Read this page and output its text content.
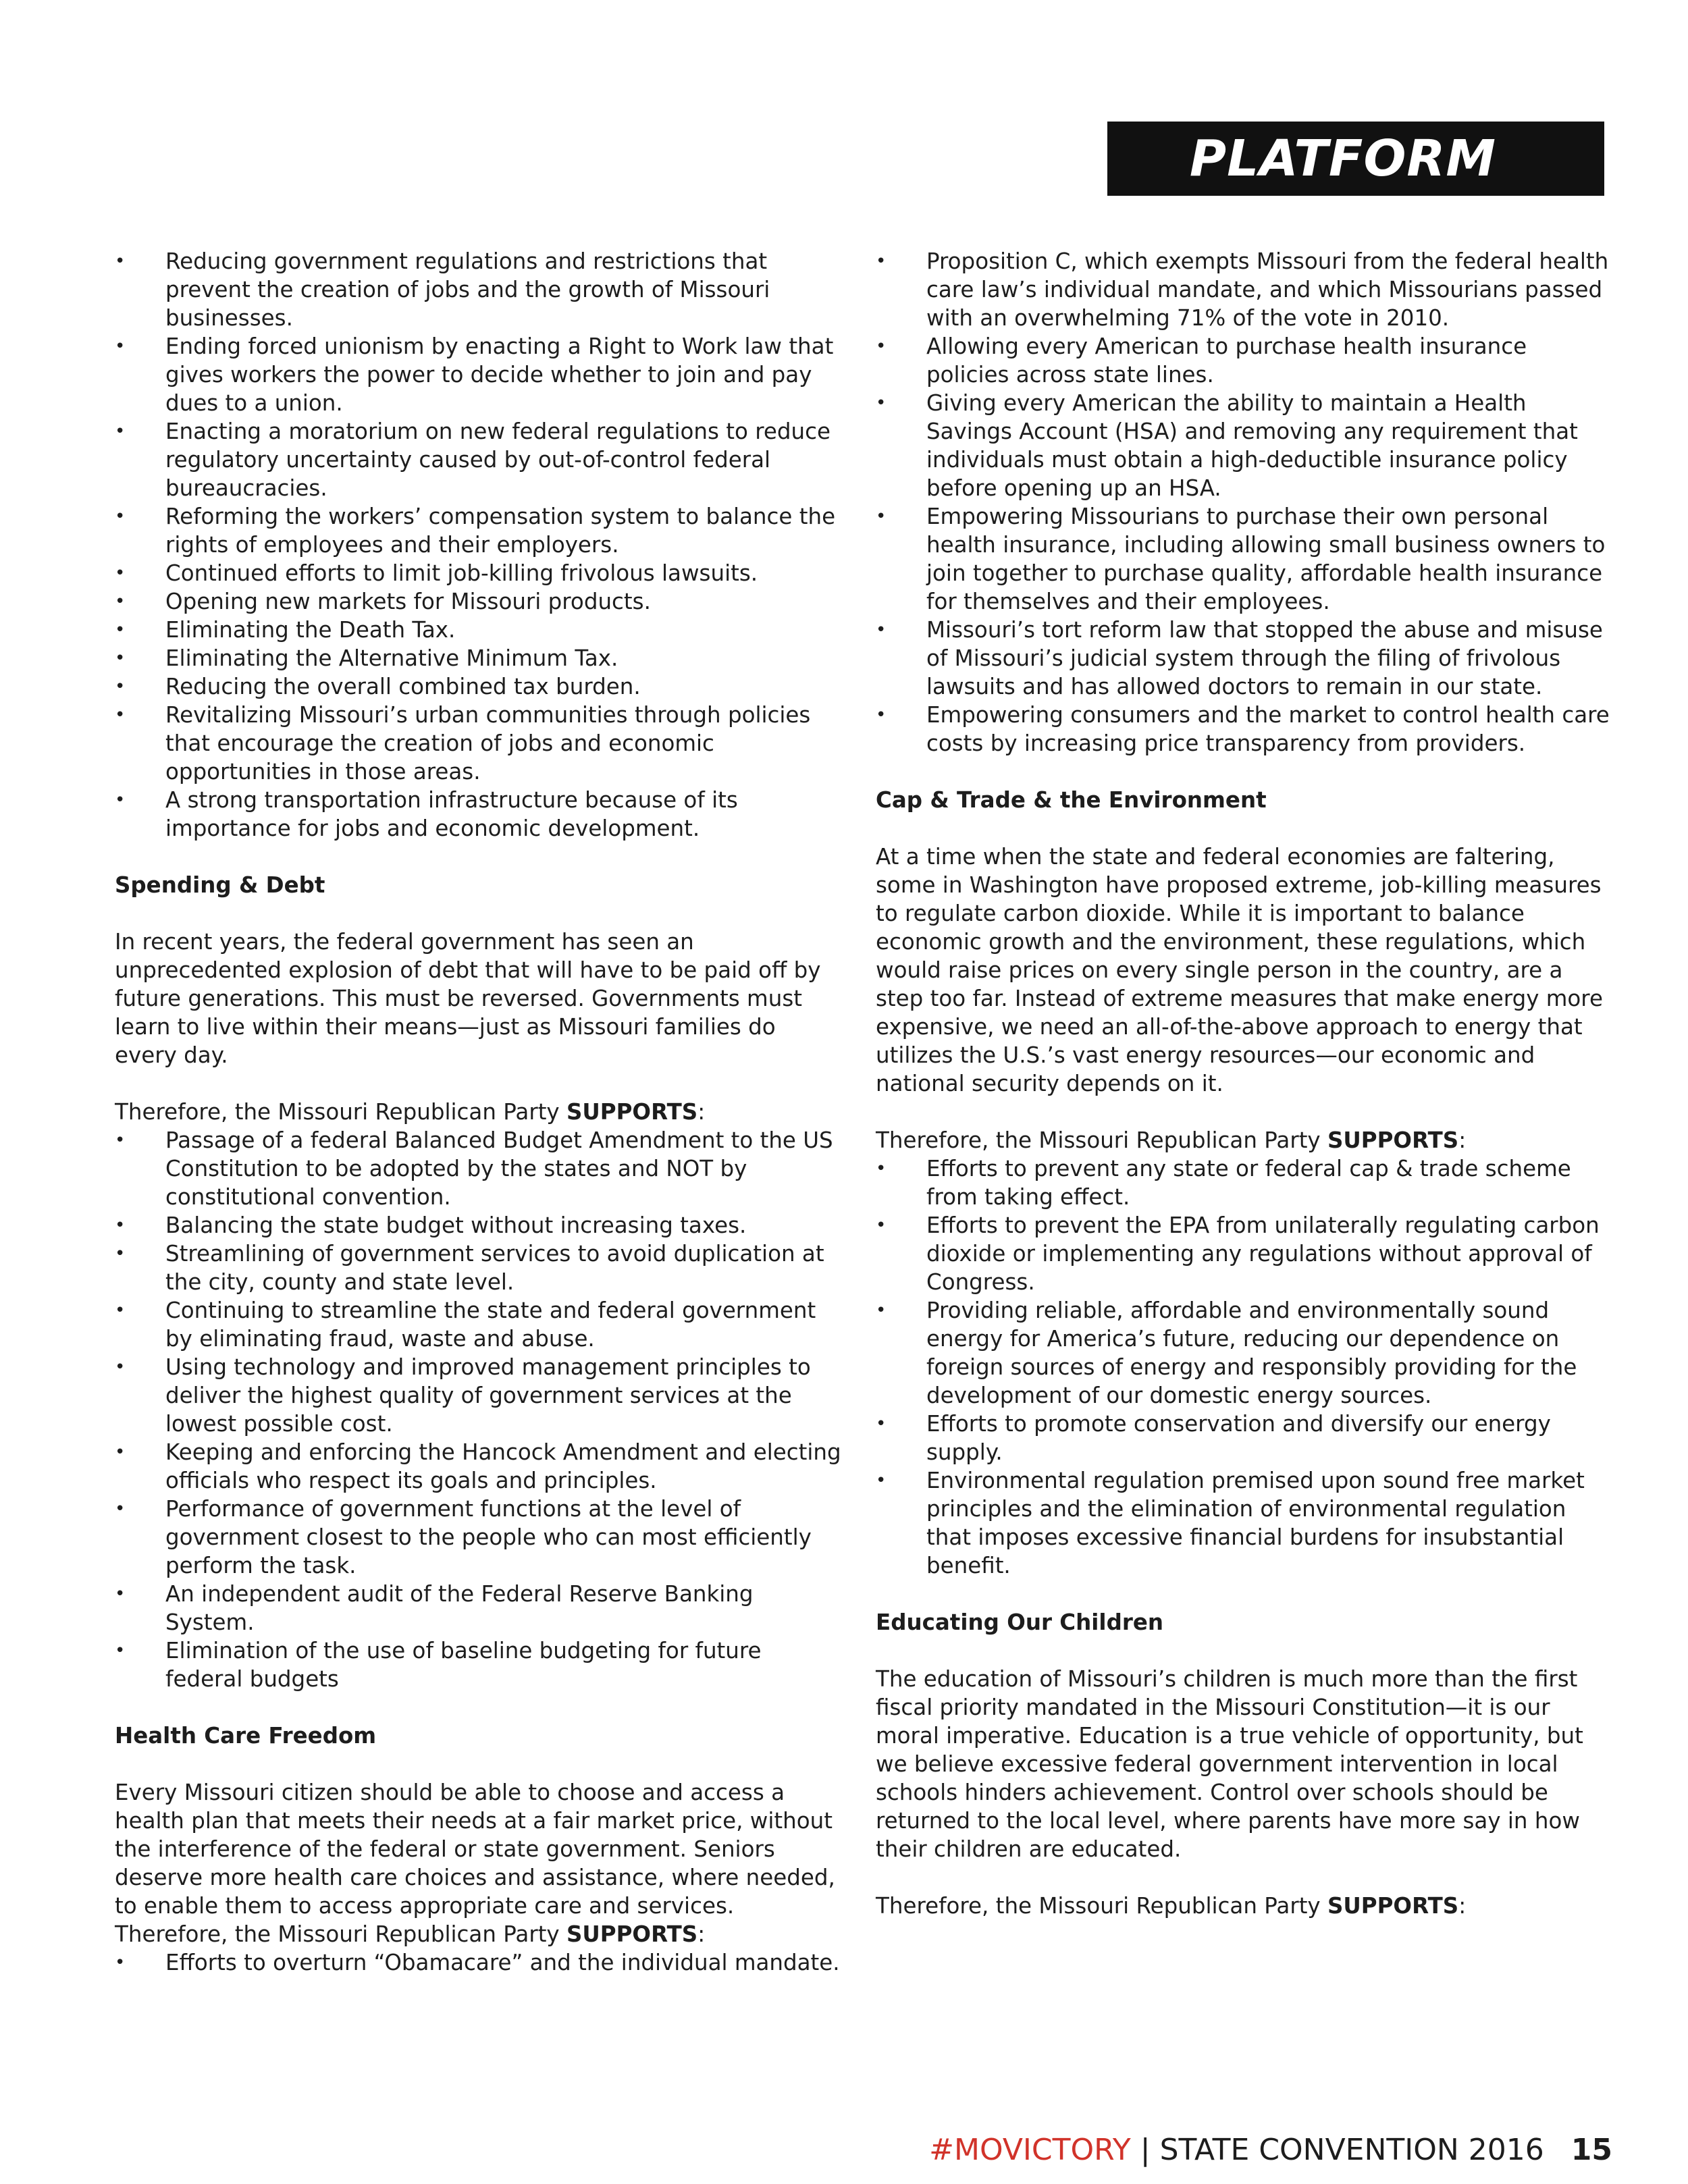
PLATFORM
• Reducing government regulations and restrictions that prevent the creation of jobs and the growth of Missouri businesses.
• Ending forced unionism by enacting a Right to Work law that gives workers the power to decide whether to join and pay dues to a union.
• Enacting a moratorium on new federal regulations to reduce regulatory uncertainty caused by out-of-control federal bureaucracies.
• Reforming the workers’ compensation system to balance the rights of employees and their employers.
• Continued efforts to limit job-killing frivolous lawsuits.
• Opening new markets for Missouri products.
• Eliminating the Death Tax.
• Eliminating the Alternative Minimum Tax.
• Reducing the overall combined tax burden.
• Revitalizing Missouri’s urban communities through policies that encourage the creation of jobs and economic opportunities in those areas.
• A strong transportation infrastructure because of its importance for jobs and economic development.
Spending & Debt

In recent years, the federal government has seen an unprecedented explosion of debt that will have to be paid off by future generations. This must be reversed. Governments must learn to live within their means—just as Missouri families do every day.

Therefore, the Missouri Republican Party SUPPORTS:

• Passage of a federal Balanced Budget Amendment to the US Constitution to be adopted by the states and NOT by constitutional convention.
• Balancing the state budget without increasing taxes.
• Streamlining of government services to avoid duplication at the city, county and state level.
• Continuing to streamline the state and federal government by eliminating fraud, waste and abuse.
• Using technology and improved management principles to deliver the highest quality of government services at the lowest possible cost.
• Keeping and enforcing the Hancock Amendment and electing officials who respect its goals and principles.
• Performance of government functions at the level of government closest to the people who can most efficiently perform the task.
• An independent audit of the Federal Reserve Banking System.
• Elimination of the use of baseline budgeting for future federal budgets
Health Care Freedom

Every Missouri citizen should be able to choose and access a health plan that meets their needs at a fair market price, without the interference of the federal or state government. Seniors deserve more health care choices and assistance, where needed, to enable them to access appropriate care and services.

Therefore, the Missouri Republican Party SUPPORTS:

• Efforts to overturn “Obamacare” and the individual mandate.
• Proposition C, which exempts Missouri from the federal health care law’s individual mandate, and which Missourians passed with an overwhelming 71% of the vote in 2010.
• Allowing every American to purchase health insurance policies across state lines.
• Giving every American the ability to maintain a Health Savings Account (HSA) and removing any requirement that individuals must obtain a high-deductible insurance policy before opening up an HSA.
• Empowering Missourians to purchase their own personal health insurance, including allowing small business owners to join together to purchase quality, affordable health insurance for themselves and their employees.
• Missouri’s tort reform law that stopped the abuse and misuse of Missouri’s judicial system through the filing of frivolous lawsuits and has allowed doctors to remain in our state.
• Empowering consumers and the market to control health care costs by increasing price transparency from providers.
Cap & Trade & the Environment

At a time when the state and federal economies are faltering, some in Washington have proposed extreme, job-killing measures to regulate carbon dioxide. While it is important to balance economic growth and the environment, these regulations, which would raise prices on every single person in the country, are a step too far. Instead of extreme measures that make energy more expensive, we need an all-of-the-above approach to energy that utilizes the U.S.’s vast energy resources—our economic and national security depends on it.

Therefore, the Missouri Republican Party SUPPORTS:

• Efforts to prevent any state or federal cap & trade scheme from taking effect.
• Efforts to prevent the EPA from unilaterally regulating carbon dioxide or implementing any regulations without approval of Congress.
• Providing reliable, affordable and environmentally sound energy for America’s future, reducing our dependence on foreign sources of energy and responsibly providing for the development of our domestic energy sources.
• Efforts to promote conservation and diversify our energy supply.
• Environmental regulation premised upon sound free market principles and the elimination of environmental regulation that imposes excessive financial burdens for insubstantial benefit.
Educating Our Children

The education of Missouri’s children is much more than the first fiscal priority mandated in the Missouri Constitution—it is our moral imperative. Education is a true vehicle of opportunity, but we believe excessive federal government intervention in local schools hinders achievement. Control over schools should be returned to the local level, where parents have more say in how their children are educated.

Therefore, the Missouri Republican Party SUPPORTS:

#MOVICTORY | STATE CONVENTION 2016 15
